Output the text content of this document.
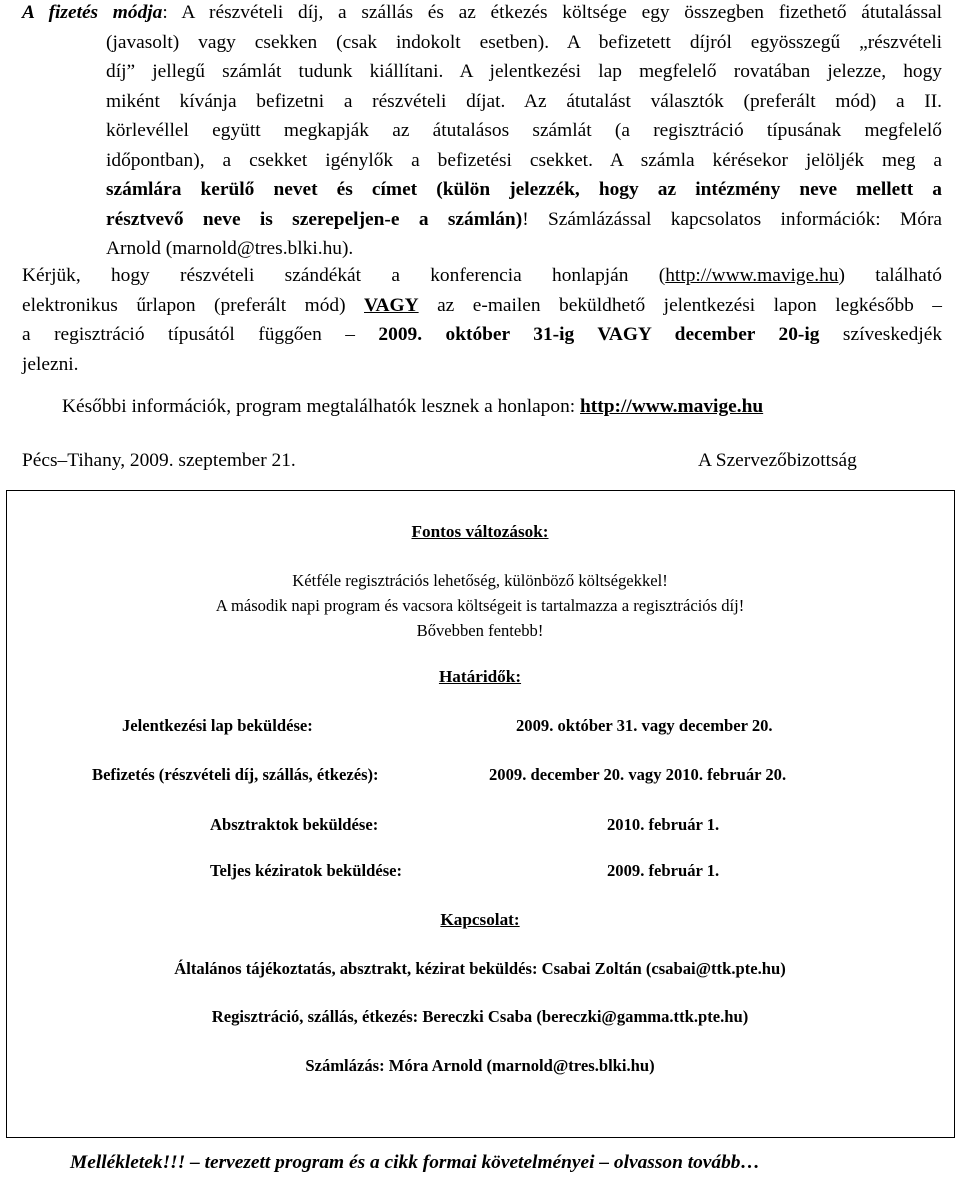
A fizetés módja: A részvételi díj, a szállás és az étkezés költsége egy összegben fizethető átutalással
(javasolt) vagy csekken (csak indokolt esetben). A befizetett díjról egyösszegű „részvételi
díj” jellegű számlát tudunk kiállítani. A jelentkezési lap megfelelő rovatában jelezze, hogy
miként kívánja befizetni a részvételi díjat. Az átutalást választók (preferált mód) a II.
körlevéllel együtt megkapják az átutalásos számlát (a regisztráció típusának megfelelő
időpontban), a csekket igénylők a befizetési csekket. A számla kérésekor jelöljék meg a
számlára kerülő nevet és címet (külön jelezzék, hogy az intézmény neve mellett a
résztvevő neve is szerepeljen-e a számlán)! Számlázással kapcsolatos információk: Móra
Arnold (marnold@tres.blki.hu).
Kérjük, hogy részvételi szándékát a konferencia honlapján (http://www.mavige.hu) található
elektronikus űrlapon (preferált mód) VAGY az e-mailen beküldhető jelentkezési lapon legkésőbb –
a regisztráció típusától függően – 2009. október 31-ig VAGY december 20-ig szíveskedjék
jelezni.
Későbbi információk, program megtalálhatók lesznek a honlapon: http://www.mavige.hu
Pécs–Tihany, 2009. szeptember 21.	A Szervezőbizottság
Fontos változások:
Kétféle regisztrációs lehetőség, különböző költségekkel!
A második napi program és vacsora költségeit is tartalmazza a regisztrációs díj!
Bővebben fentebb!
Határidők:
Jelentkezési lap beküldése:	2009. október 31. vagy december 20.
Befizetés (részvételi díj, szállás, étkezés):	2009. december 20. vagy 2010. február 20.
Absztraktok beküldése:	2010. február 1.
Teljes kéziratok beküldése:	2009. február 1.
Kapcsolat:
Általános tájékoztatás, absztrakt, kézirat beküldés: Csabai Zoltán (csabai@ttk.pte.hu)
Regisztráció, szállás, étkezés: Bereczki Csaba (bereczki@gamma.ttk.pte.hu)
Számlázás: Móra Arnold (marnold@tres.blki.hu)
Mellékletek!!! – tervezett program és a cikk formai követelményei – olvasson tovább…
